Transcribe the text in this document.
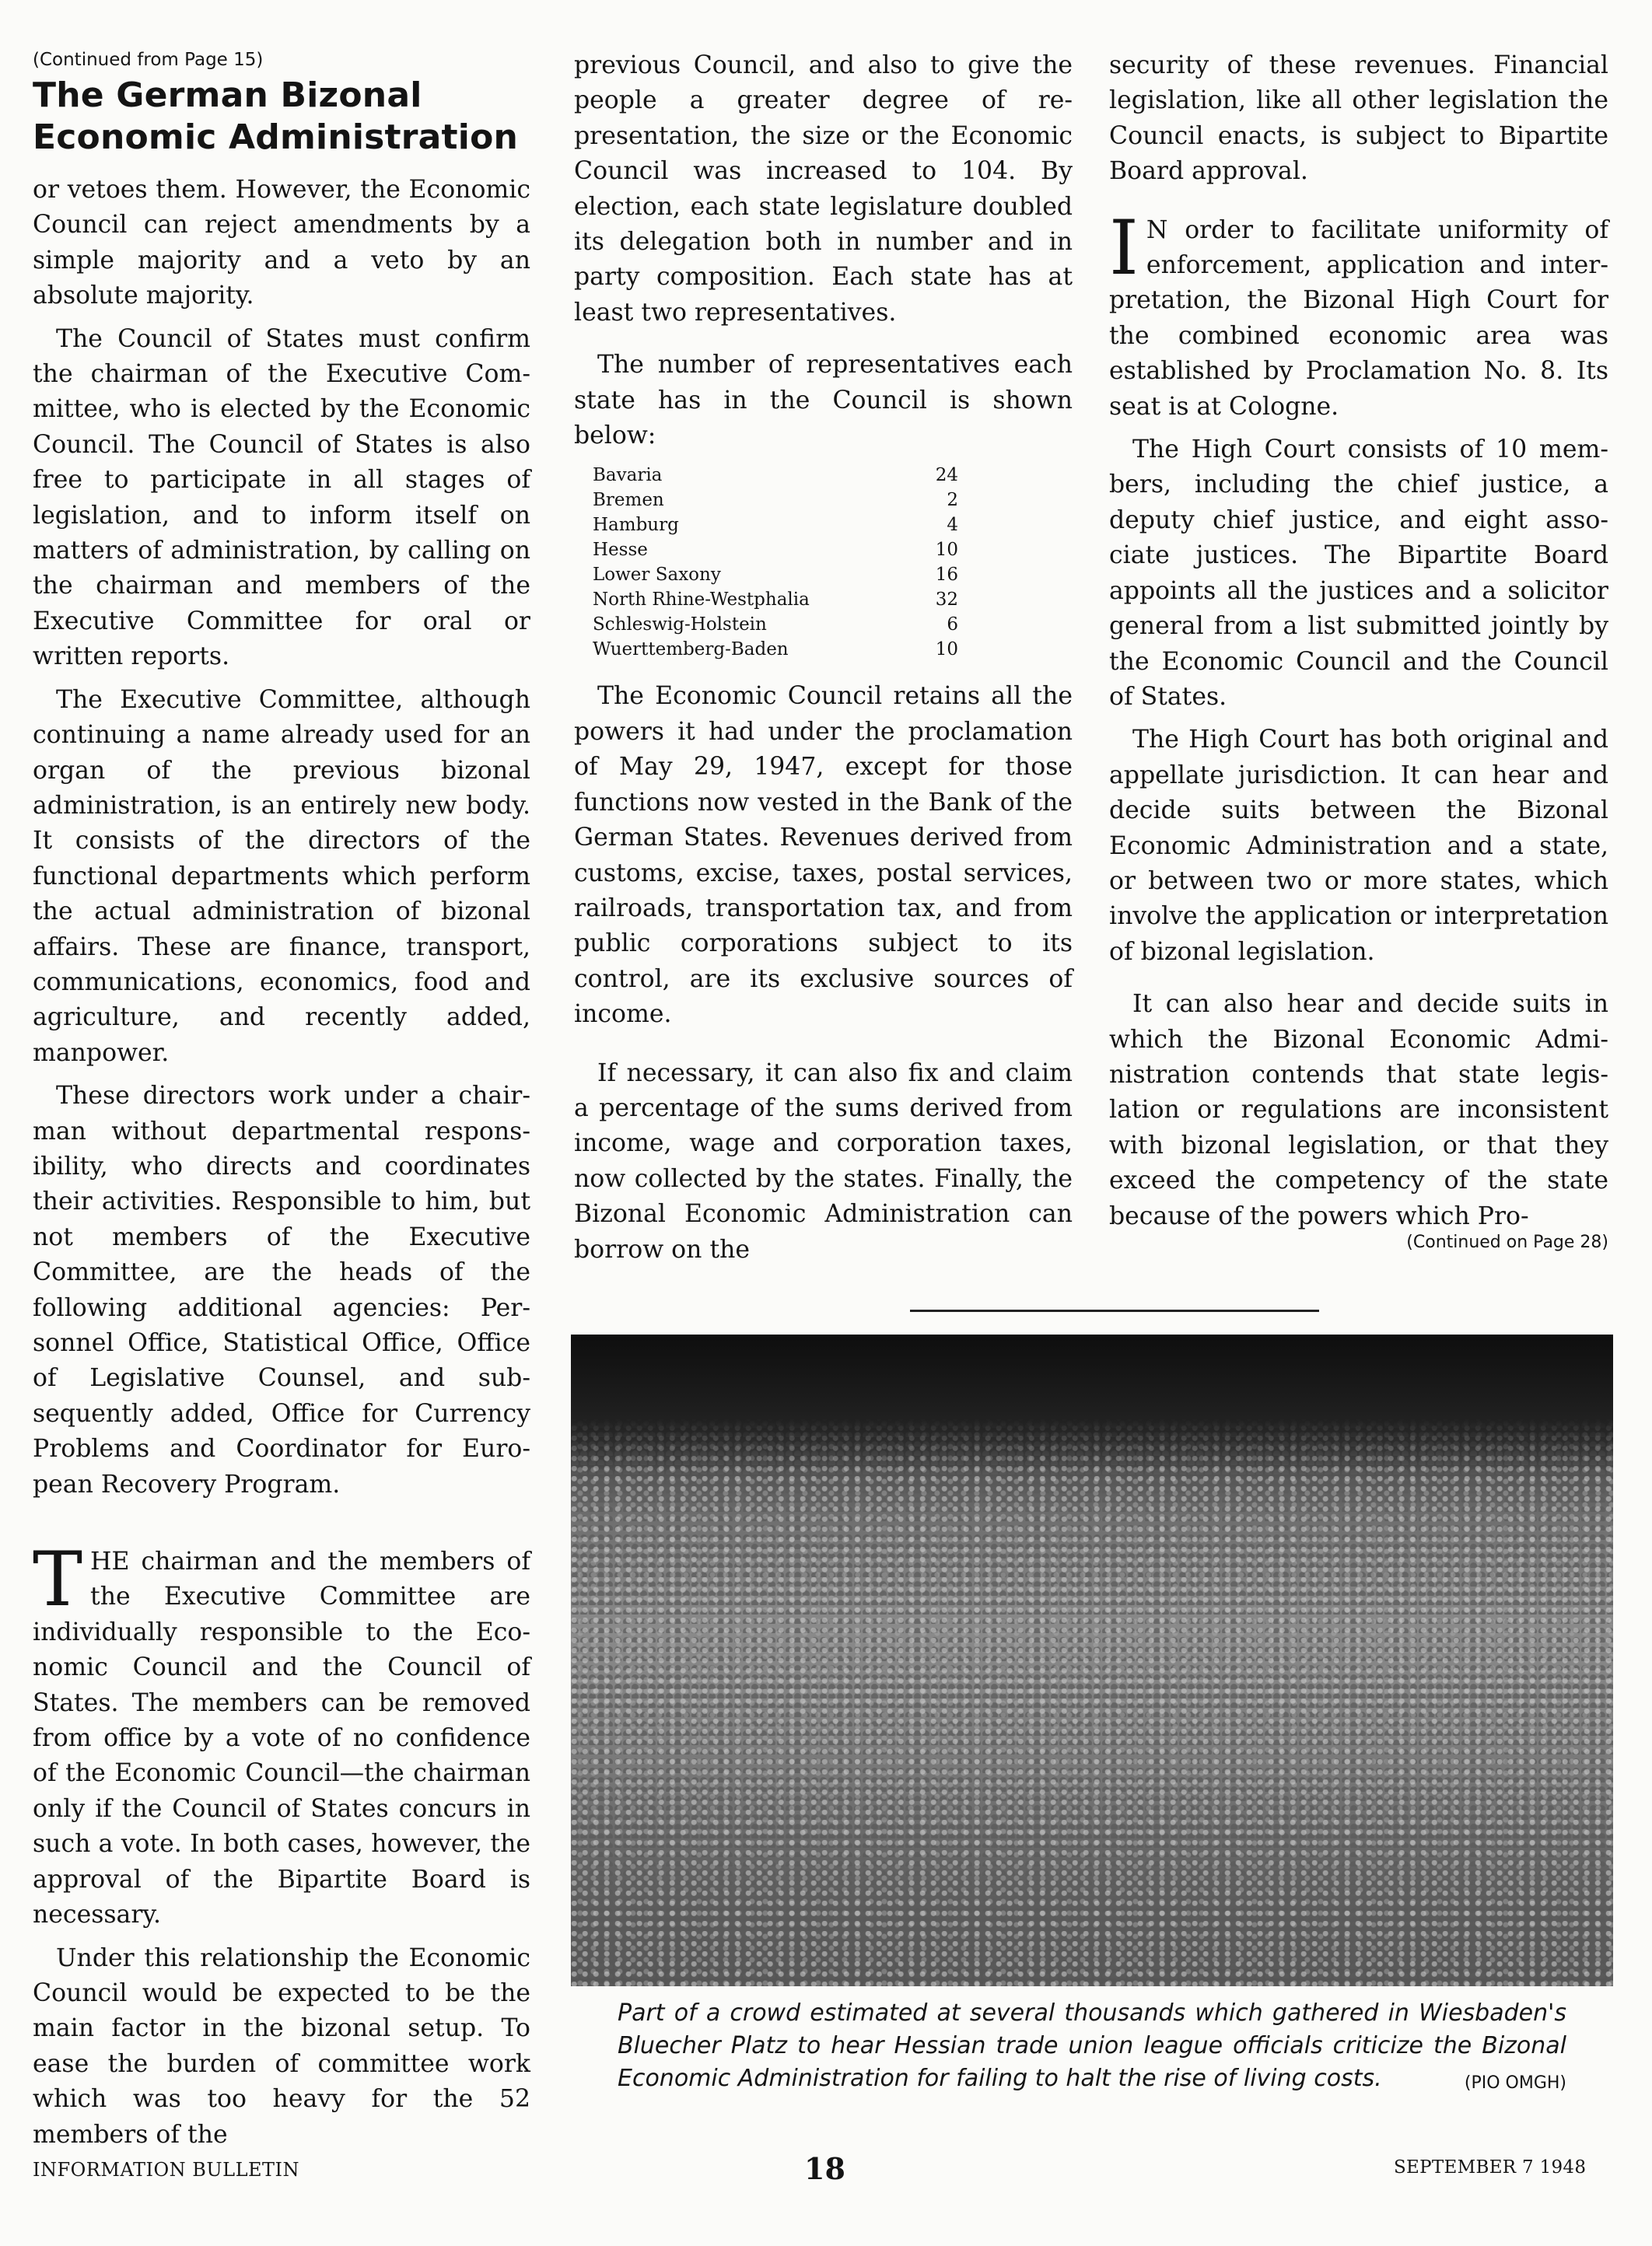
(Continued from Page 15)
The German Bizonal Economic Administration

or vetoes them. However, the Economic Council can reject amendments by a simple majority and a veto by an absolute majority.

The Council of States must confirm the chairman of the Executive Committee, who is elected by the Economic Council. The Council of States is also free to participate in all stages of legislation, and to inform itself on matters of administration, by calling on the chairman and members of the Executive Committee for oral or written reports.

The Executive Committee, although continuing a name already used for an organ of the previous bizonal administration, is an entirely new body. It consists of the directors of the functional departments which perform the actual administration of bizonal affairs. These are finance, transport, communications, economics, food and agriculture, and recently added, manpower.

These directors work under a chairman without departmental responsibility, who directs and coordinates their activities. Responsible to him, but not members of the Executive Committee, are the heads of the following additional agencies: Personnel Office, Statistical Office, Office of Legislative Counsel, and subsequently added, Office for Currency Problems and Coordinator for European Recovery Program.

THE chairman and the members of the Executive Committee are individually responsible to the Economic Council and the Council of States. The members can be removed from office by a vote of no confidence of the Economic Council—the chairman only if the Council of States concurs in such a vote. In both cases, however, the approval of the Bipartite Board is necessary.

Under this relationship the Economic Council would be expected to be the main factor in the bizonal setup. To ease the burden of committee work which was too heavy for the 52 members of the

previous Council, and also to give the people a greater degree of representation, the size or the Economic Council was increased to 104. By election, each state legislature doubled its delegation both in number and in party composition. Each state has at least two representatives.

The number of representatives each state has in the Council is shown below:

Bavaria	24
Bremen	2
Hamburg	4
Hesse	10
Lower Saxony	16
North Rhine-Westphalia	32
Schleswig-Holstein	6
Wuerttemberg-Baden	10

The Economic Council retains all the powers it had under the proclamation of May 29, 1947, except for those functions now vested in the Bank of the German States. Revenues derived from customs, excise, taxes, postal services, railroads, transportation tax, and from public corporations subject to its control, are its exclusive sources of income.

If necessary, it can also fix and claim a percentage of the sums derived from income, wage and corporation taxes, now collected by the states. Finally, the Bizonal Economic Administration can borrow on the

security of these revenues. Financial legislation, like all other legislation the Council enacts, is subject to Bipartite Board approval.

I N order to facilitate uniformity of enforcement, application and interpretation, the Bizonal High Court for the combined economic area was established by Proclamation No. 8. Its seat is at Cologne.

The High Court consists of 10 members, including the chief justice, a deputy chief justice, and eight associate justices. The Bipartite Board appoints all the justices and a solicitor general from a list submitted jointly by the Economic Council and the Council of States.

The High Court has both original and appellate jurisdiction. It can hear and decide suits between the Bizonal Economic Administration and a state, or between two or more states, which involve the application or interpretation of bizonal legislation.

It can also hear and decide suits in which the Bizonal Economic Administration contends that state legislation or regulations are inconsistent with bizonal legislation, or that they exceed the competency of the state because of the powers which Pro-

(Continued on Page 28)
Part of a crowd estimated at several thousands which gathered in Wiesbaden's Bluecher Platz to hear Hessian trade union league officials criticize the Bizonal Economic Administration for failing to halt the rise of living costs.	(PIO OMGH)
INFORMATION BULLETIN	18	SEPTEMBER 7 1948
